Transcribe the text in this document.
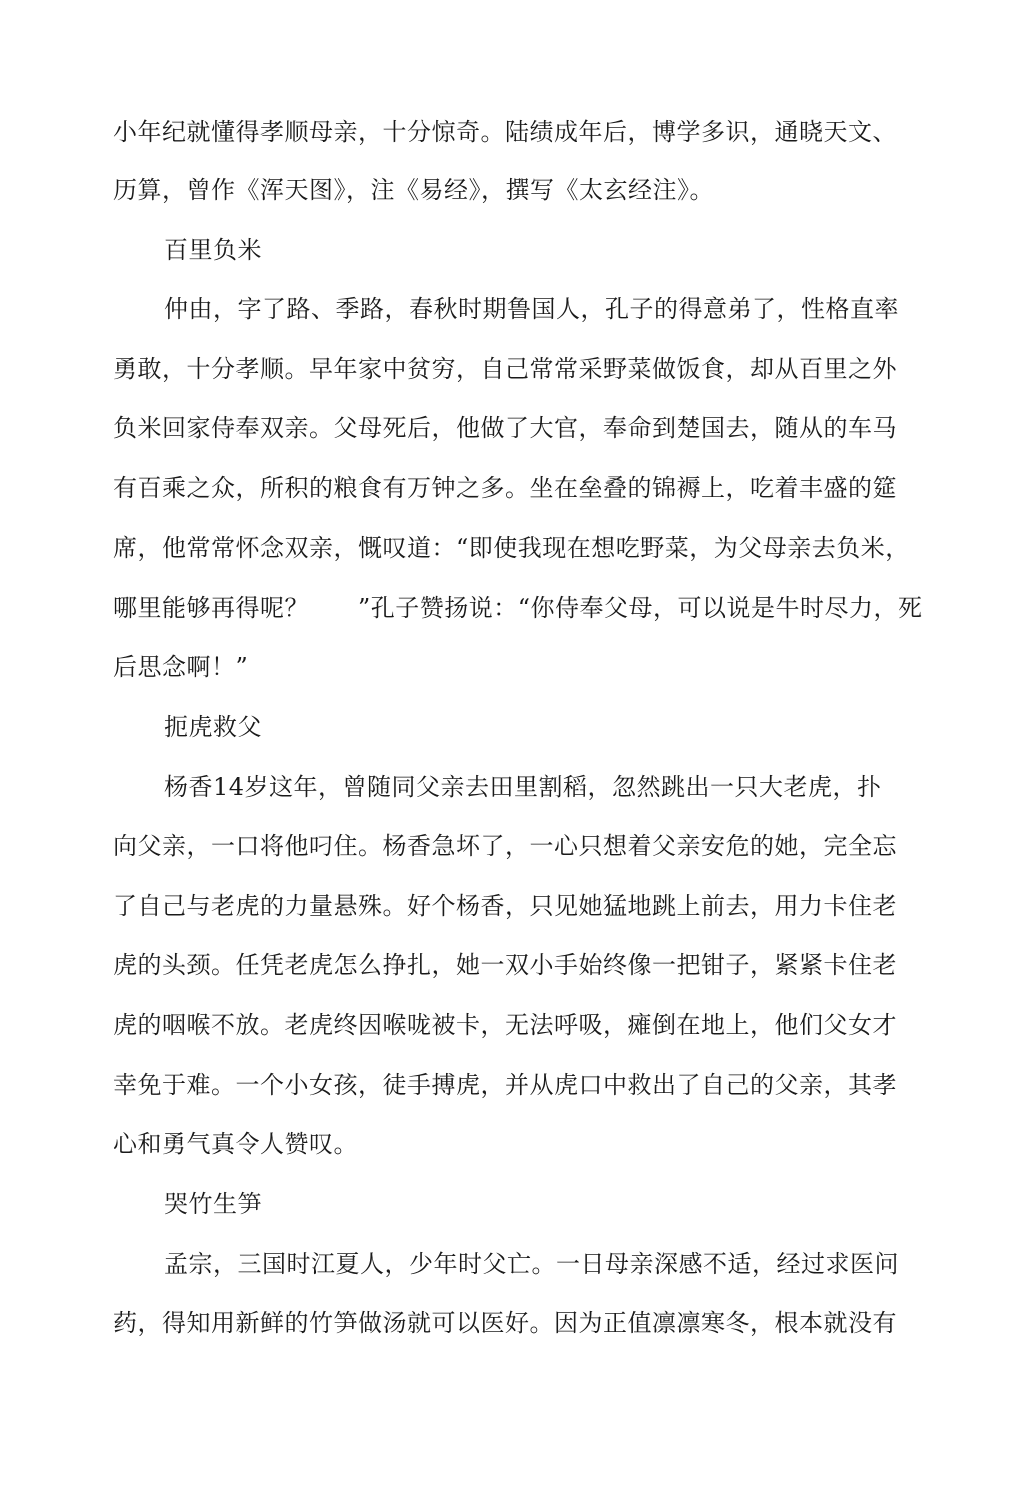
小年纪就懂得孝顺母亲，十分惊奇。陆绩成年后，博学多识，通晓天文、

历算，曾作《浑天图》，注《易经》，撰写《太玄经注》。

百里负米

仲由，字了路、季路，春秋时期鲁国人，孔子的得意弟了，性格直率

勇敢，十分孝顺。早年家中贫穷，自己常常采野菜做饭食，却从百里之外

负米回家侍奉双亲。父母死后，他做了大官，奉命到楚国去，随从的车马

有百乘之众，所积的粮食有万钟之多。坐在垒叠的锦褥上，吃着丰盛的筵

席，他常常怀念双亲，慨叹道：“即使我现在想吃野菜，为父母亲去负米，

哪里能够再得呢？　　”孔子赞扬说：“你侍奉父母，可以说是牛时尽力，死

后思念啊！”

扼虎救父

杨香14岁这年，曾随同父亲去田里割稻，忽然跳出一只大老虎，扑

向父亲，一口将他叼住。杨香急坏了，一心只想着父亲安危的她，完全忘

了自己与老虎的力量悬殊。好个杨香，只见她猛地跳上前去，用力卡住老

虎的头颈。任凭老虎怎么挣扎，她一双小手始终像一把钳子，紧紧卡住老

虎的咽喉不放。老虎终因喉咙被卡，无法呼吸，瘫倒在地上，他们父女才

幸免于难。一个小女孩，徒手搏虎，并从虎口中救出了自己的父亲，其孝

心和勇气真令人赞叹。

哭竹生笋

孟宗，三国时江夏人，少年时父亡。一日母亲深感不适，经过求医问

药，得知用新鲜的竹笋做汤就可以医好。因为正值凛凛寒冬，根本就没有
